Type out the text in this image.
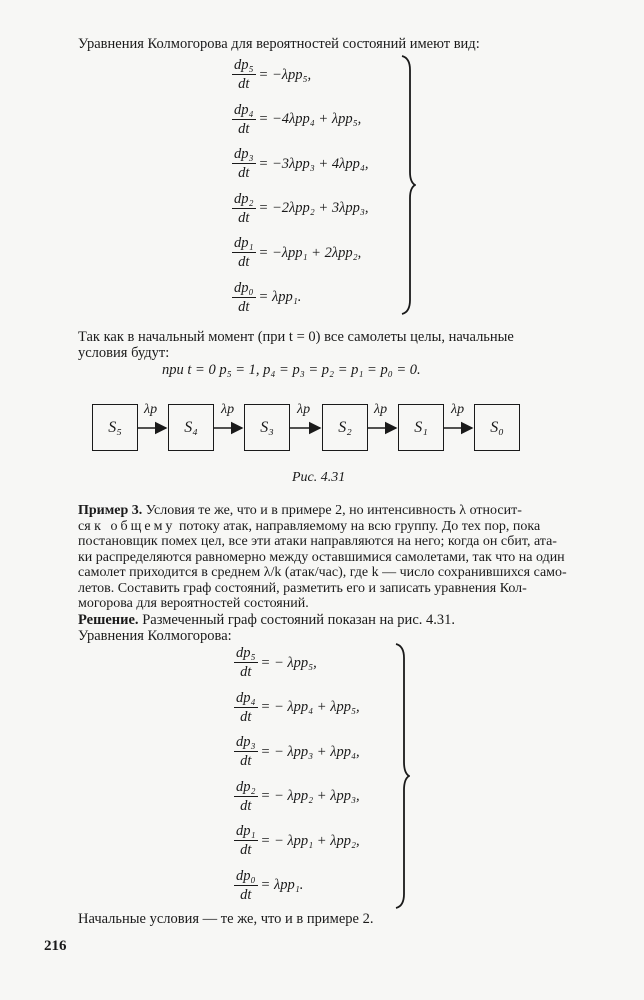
Уравнения Колмогорова для вероятностей состояний имеют вид:
$\frac{\text{dp₅}}{dt} = -\lambda pp_5$,
$\frac{\text{dp₄}}{dt} = -4\lambda pp_4 + \lambda pp_5$,
$\frac{\text{dp₃}}{dt} = -3\lambda pp_3 + 4\lambda pp_4$,
$\frac{\text{dp₂}}{dt} = -2\lambda pp_2 + 3\lambda pp_3$,
$\frac{\text{dp₁}}{dt} = -\lambda pp_1 + 2\lambda pp_2$,
$\frac{\text{dp₀}}{dt} = \lambda pp_1$.
Так как в начальный момент (при t = 0) все самолеты целы, начальные
условия будут:
при t = 0 p₅ = 1, p₄ = p₃ = p₂ = p₁ = p₀ = 0.
S₅	S₄	S₃	S₂	S₁	S₀
λp	λp	λp	λp	λp
Рис. 4.31
Пример 3. Условия те же, что и в примере 2, но интенсивность λ относит-
ся к общему потоку атак, направляемому на всю группу. До тех пор, пока
постановщик помех цел, все эти атаки направляются на него; когда он сбит, ата-
ки распределяются равномерно между оставшимися самолетами, так что на один
самолет приходится в среднем λ/k (атак/час), где k — число сохранившихся само-
летов. Составить граф состояний, разметить его и записать уравнения Кол-
могорова для вероятностей состояний.
Решение. Размеченный граф состояний показан на рис. 4.31.
Уравнения Колмогорова:
$\frac{\text{dp₅}}{dt}$ = − λpp₅,
$\frac{\text{dp₄}}{dt}$ = − λpp₄ + λpp₅,
$\frac{\text{dp₃}}{dt}$ = − λpp₃ + λpp₄,
$\frac{\text{dp₂}}{dt}$ = − λpp₂ + λpp₃,
$\frac{\text{dp₁}}{dt}$ = − λpp₁ + λpp₂,
$\frac{\text{dp₀}}{dt} = \lambda pp_1$.
Начальные условия — те же, что и в примере 2.
216
